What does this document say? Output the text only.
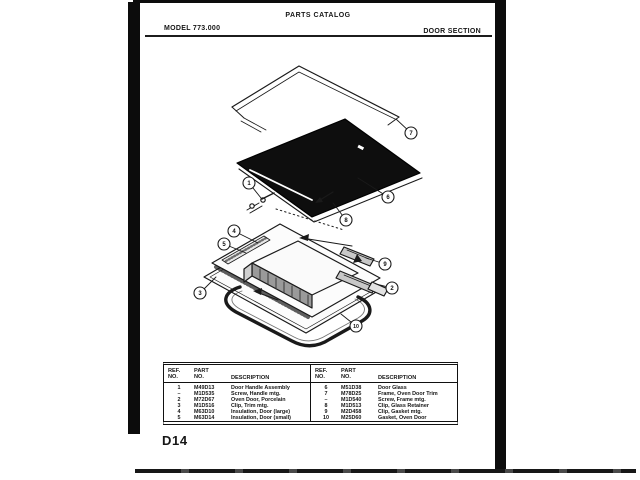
PARTS CATALOG
MODEL 773.000	DOOR SECTION
7
1
6
8
4
5
3
9
2
10
REF.
NO.
PART
NO.	DESCRIPTION
1	M49D13	Door Handle Assembly
–	M1D535	Screw, Handle mtg.
2	M72D67	Oven Door, Porcelain
3	M1D516	Clip, Trim mtg.
4	M63D10	Insulation, Door (large)
5	M63D14	Insulation, Door (small)
REF.
NO.
PART
NO.	DESCRIPTION
6	M51D38	Door Glass
7	M78D25	Frame, Oven Door Trim
–	M1D540	Screw, Frame mtg.
8	M1D513	Clip, Glass Retainer
9	M2D458	Clip, Gasket mtg.
10	M25D60	Gasket, Oven Door
D14
